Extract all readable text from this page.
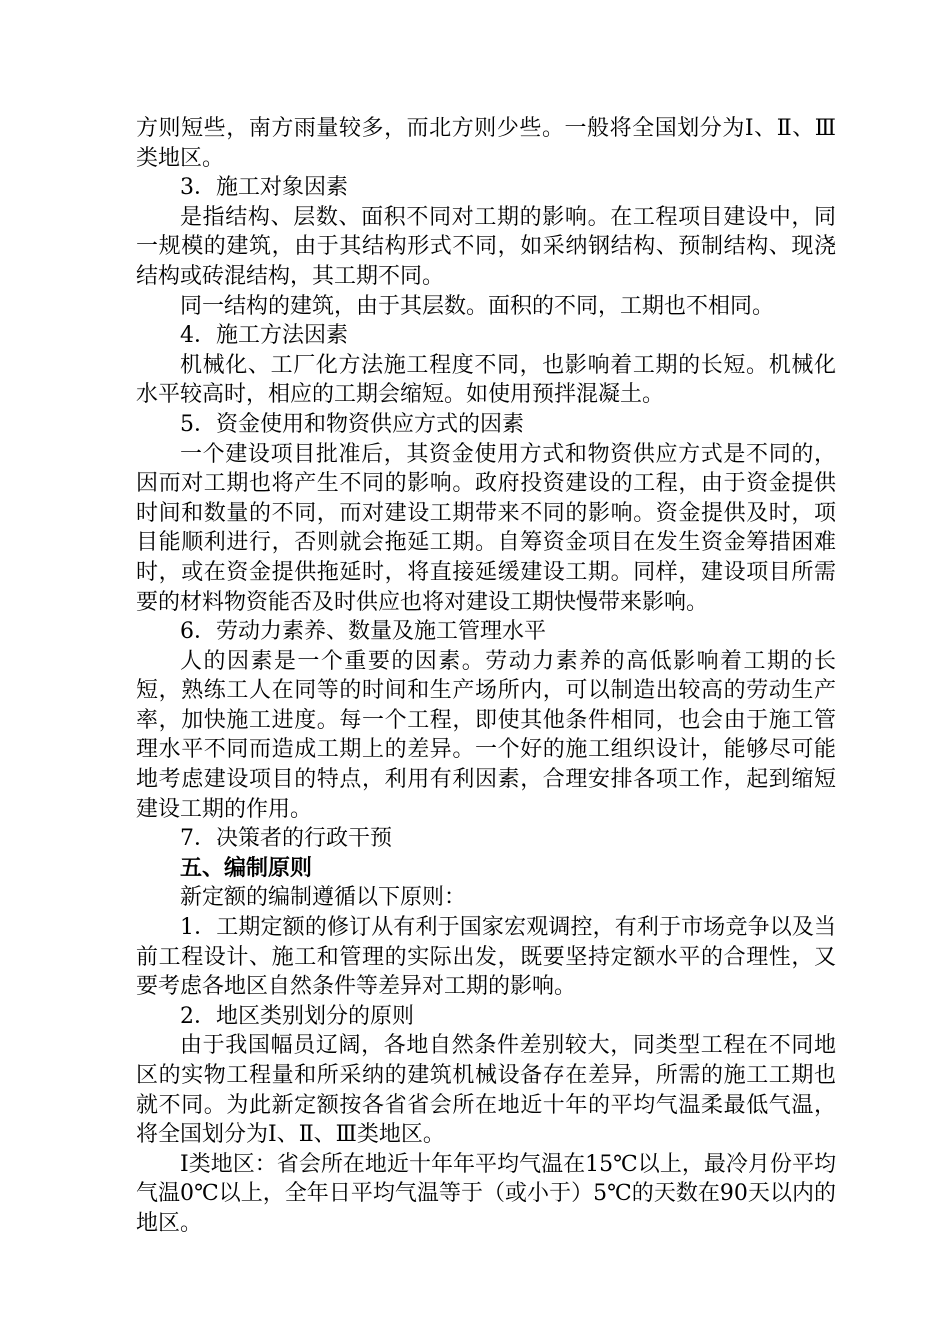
方则短些，南方雨量较多，而北方则少些。一般将全国划分为Ⅰ、Ⅱ、Ⅲ类地区。

3．施工对象因素

是指结构、层数、面积不同对工期的影响。在工程项目建设中，同一规模的建筑，由于其结构形式不同，如采纳钢结构、预制结构、现浇结构或砖混结构，其工期不同。

同一结构的建筑，由于其层数。面积的不同，工期也不相同。

4．施工方法因素

机械化、工厂化方法施工程度不同，也影响着工期的长短。机械化水平较高时，相应的工期会缩短。如使用预拌混凝土。

5．资金使用和物资供应方式的因素

一个建设项目批准后，其资金使用方式和物资供应方式是不同的，因而对工期也将产生不同的影响。政府投资建设的工程，由于资金提供时间和数量的不同，而对建设工期带来不同的影响。资金提供及时，项目能顺利进行，否则就会拖延工期。自筹资金项目在发生资金筹措困难时，或在资金提供拖延时，将直接延缓建设工期。同样，建设项目所需要的材料物资能否及时供应也将对建设工期快慢带来影响。

6．劳动力素养、数量及施工管理水平

人的因素是一个重要的因素。劳动力素养的高低影响着工期的长短，熟练工人在同等的时间和生产场所内，可以制造出较高的劳动生产率，加快施工进度。每一个工程，即使其他条件相同，也会由于施工管理水平不同而造成工期上的差异。一个好的施工组织设计，能够尽可能地考虑建设项目的特点，利用有利因素，合理安排各项工作，起到缩短建设工期的作用。

7．决策者的行政干预

五、编制原则

新定额的编制遵循以下原则：

1．工期定额的修订从有利于国家宏观调控，有利于市场竞争以及当前工程设计、施工和管理的实际出发，既要坚持定额水平的合理性，又要考虑各地区自然条件等差异对工期的影响。

2．地区类别划分的原则

由于我国幅员辽阔，各地自然条件差别较大，同类型工程在不同地区的实物工程量和所采纳的建筑机械设备存在差异，所需的施工工期也就不同。为此新定额按各省省会所在地近十年的平均气温柔最低气温，将全国划分为Ⅰ、Ⅱ、Ⅲ类地区。

Ⅰ类地区：省会所在地近十年年平均气温在15℃以上，最冷月份平均气温0℃以上，全年日平均气温等于（或小于）5℃的天数在90天以内的地区。
